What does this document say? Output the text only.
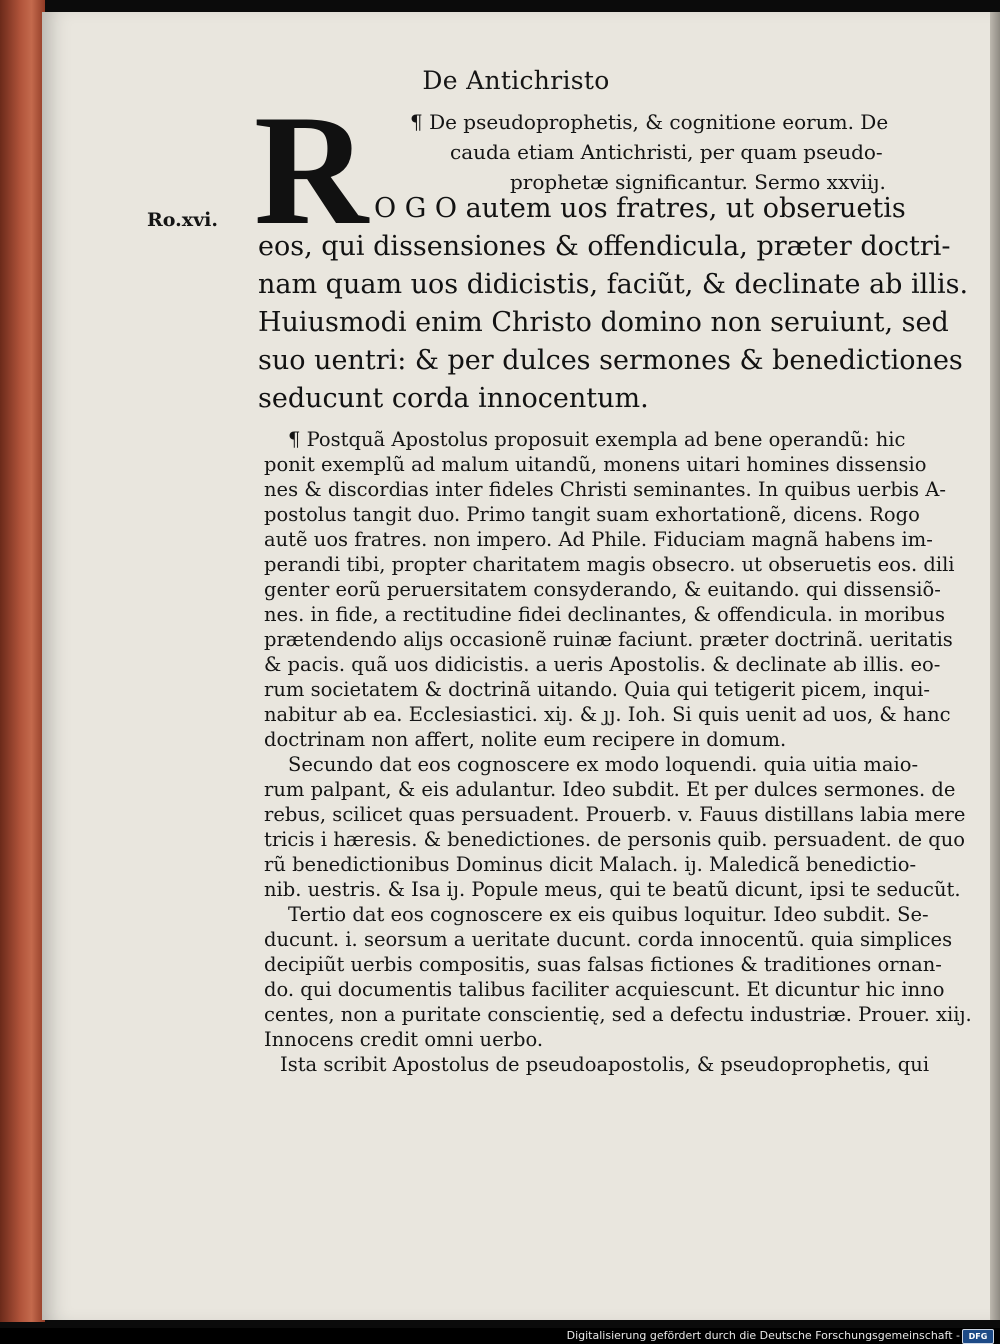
De Antichristo
R ¶ De pseudoprophetis, & cognitione eorum. De
cauda etiam Antichristi, per quam pseudo-
prophetæ significantur. Sermo xxviiȷ.
Ro.xvi.	O G O autem uos fratres, ut obseruetis
eos, qui dissensiones & offendicula, præter doctri-
nam quam uos didicistis, faciũt, & declinate ab illis.
Huiusmodi enim Christo domino non seruiunt, sed
suo uentri: & per dulces sermones & benedictiones
seducunt corda innocentum.
¶ Postquã Apostolus proposuit exempla ad bene operandũ: hic
ponit exemplũ ad malum uitandũ, monens uitari homines dissensio
nes & discordias inter fideles Christi seminantes. In quibus uerbis A-
postolus tangit duo. Primo tangit suam exhortationẽ, dicens. Rogo
autẽ uos fratres. non impero. Ad Phile. Fiduciam magnã habens im-
perandi tibi, propter charitatem magis obsecro. ut obseruetis eos. dili
genter eorũ peruersitatem consyderando, & euitando. qui dissensiõ-
nes. in fide, a rectitudine fidei declinantes, & offendicula. in moribus
prætendendo aliȷs occasionẽ ruinæ faciunt. præter doctrinã. ueritatis
& pacis. quã uos didicistis. a ueris Apostolis. & declinate ab illis. eo-
rum societatem & doctrinã uitando. Quia qui tetigerit picem, inqui-
nabitur ab ea. Ecclesiastici. xiȷ. & ȷȷ. Ioh. Si quis uenit ad uos, & hanc
doctrinam non affert, nolite eum recipere in domum.
Secundo dat eos cognoscere ex modo loquendi. quia uitia maio-
rum palpant, & eis adulantur. Ideo subdit. Et per dulces sermones. de
rebus, scilicet quas persuadent. Prouerb. v. Fauus distillans labia mere
tricis i hæresis. & benedictiones. de personis quib. persuadent. de quo
rũ benedictionibus Dominus dicit Malach. iȷ. Maledicã benedictio-
nib. uestris. & Isa iȷ. Popule meus, qui te beatũ dicunt, ipsi te seducũt.
Tertio dat eos cognoscere ex eis quibus loquitur. Ideo subdit. Se-
ducunt. i. seorsum a ueritate ducunt. corda innocentũ. quia simplices
decipiũt uerbis compositis, suas falsas fictiones & traditiones ornan-
do. qui documentis talibus faciliter acquiescunt. Et dicuntur hic inno
centes, non a puritate conscientię, sed a defectu industriæ. Prouer. xiiȷ.
Innocens credit omni uerbo.
Ista scribit Apostolus de pseudoapostolis, & pseudoprophetis, qui
Digitalisierung gefördert durch die Deutsche Forschungsgemeinschaft -	DFG
